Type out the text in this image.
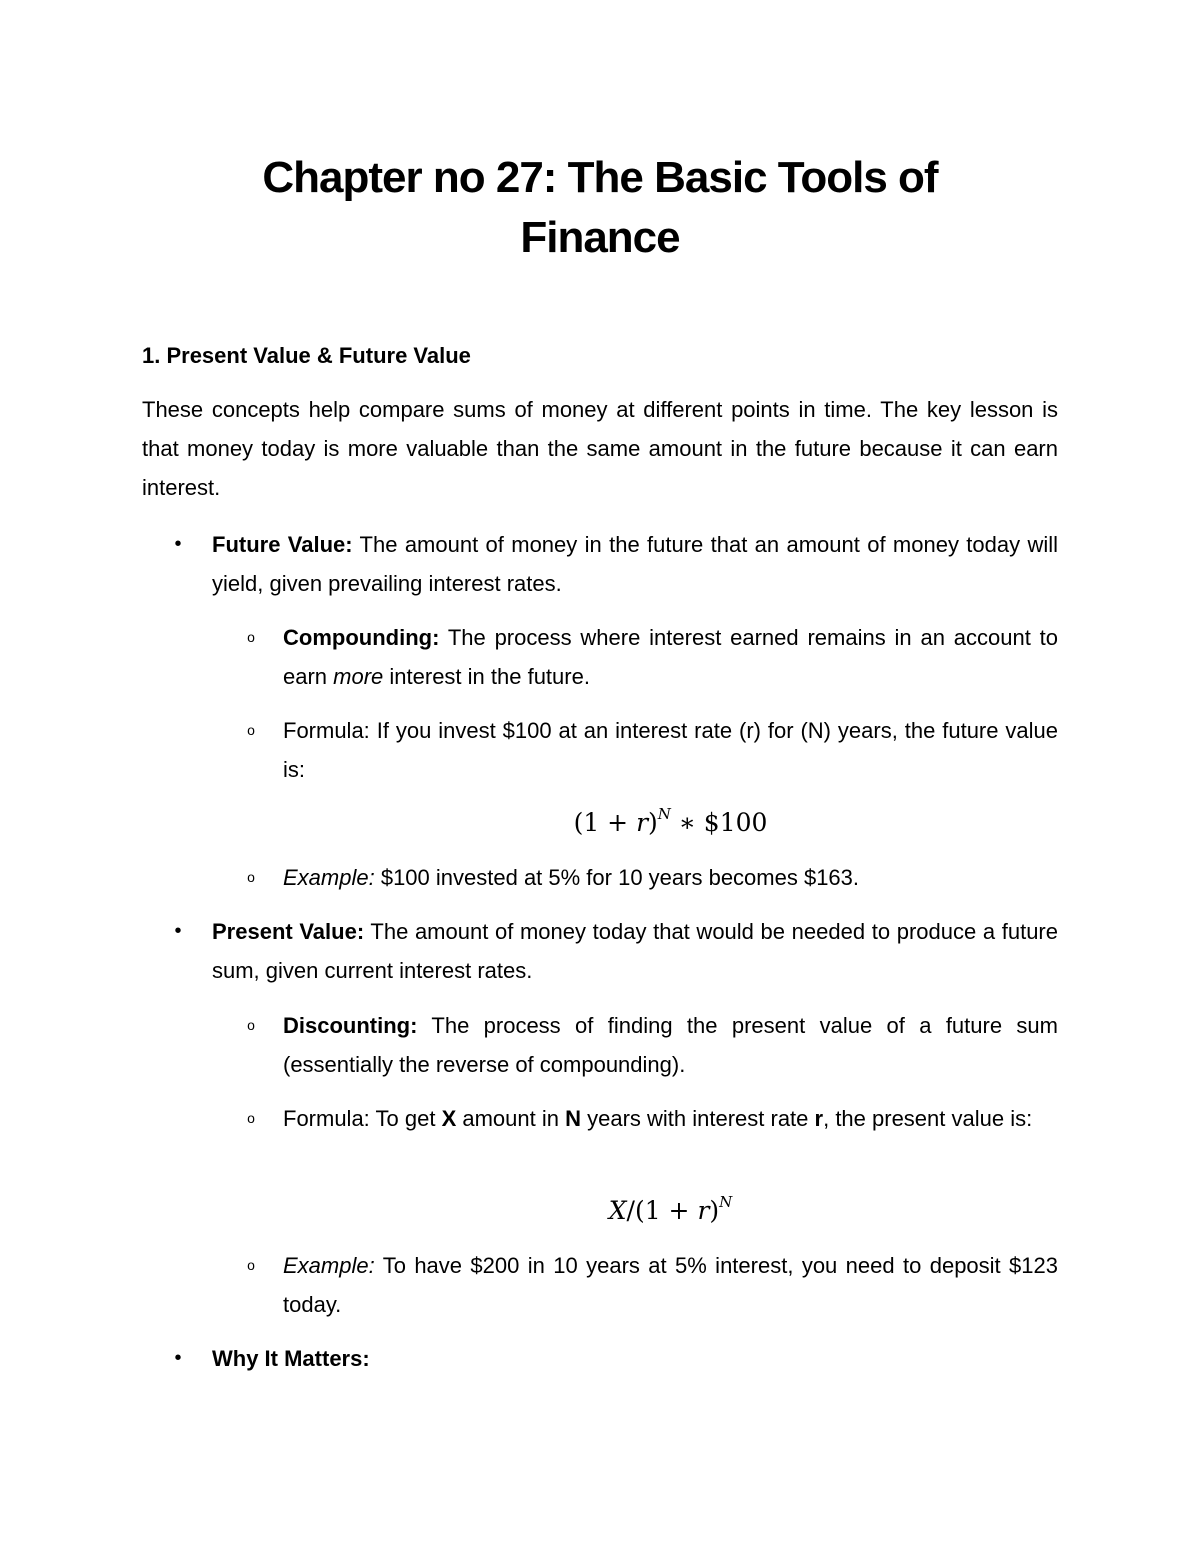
Chapter no 27: The Basic Tools of
Finance

1. Present Value & Future Value

These concepts help compare sums of money at different points in time. The key lesson is that money today is more valuable than the same amount in the future because it can earn interest.

• Future Value: The amount of money in the future that an amount of money today will yield, given prevailing interest rates.

o Compounding: The process where interest earned remains in an account to earn more interest in the future.

o Formula: If you invest $100 at an interest rate (r) for (N) years, the future value is:

$(1 + r)^N$ ∗ $100
o Example: $100 invested at 5% for 10 years becomes $163.

• Present Value: The amount of money today that would be needed to produce a future sum, given current interest rates.

o Discounting: The process of finding the present value of a future sum (essentially the reverse of compounding).

o Formula: To get X amount in N years with interest rate r, the present value is:

$X/(1 + r)^N$
o Example: To have $200 in 10 years at 5% interest, you need to deposit $123 today.

• Why It Matters:
